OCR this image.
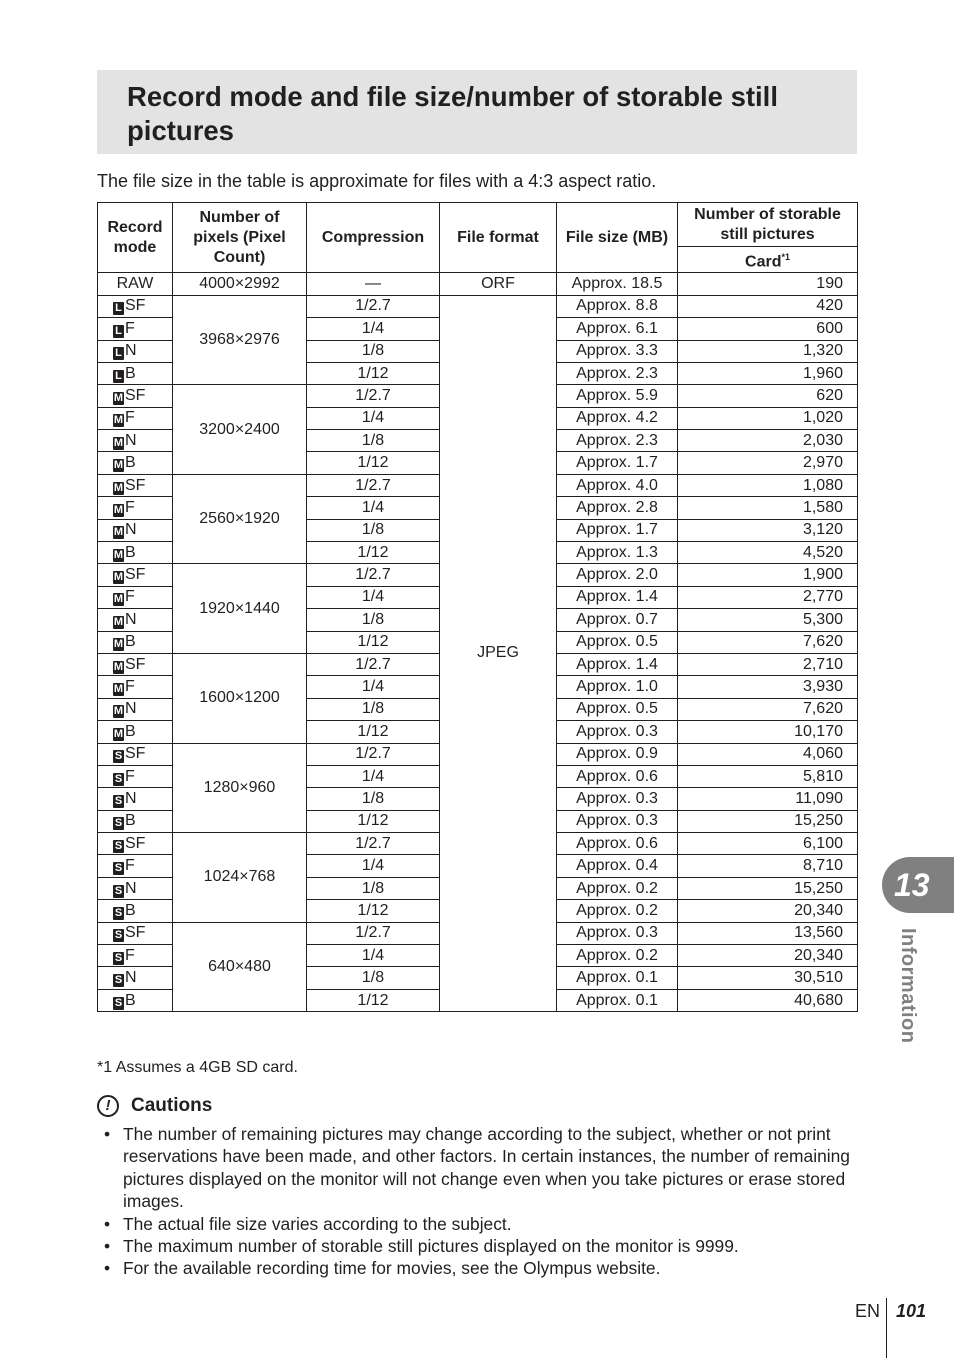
Record mode and file size/number of storable still pictures
The file size in the table is approximate for files with a 4:3 aspect ratio.
Record mode	Number of pixels (Pixel Count)	Compression	File format	File size (MB)	Number of storable still pictures
					Card$^{*1}$
RAW	4000×2992	—	ORF	Approx. 18.5	190
L SF	3968×2976	1/2.7	JPEG	Approx. 8.8	420
L F		1/4		Approx. 6.1	600
L N		1/8		Approx. 3.3	1,320
L B		1/12		Approx. 2.3	1,960
M SF	3200×2400	1/2.7		Approx. 5.9	620
M F		1/4		Approx. 4.2	1,020
M N		1/8		Approx. 2.3	2,030
M B		1/12		Approx. 1.7	2,970
M SF	2560×1920	1/2.7		Approx. 4.0	1,080
M F		1/4		Approx. 2.8	1,580
M N		1/8		Approx. 1.7	3,120
M B		1/12		Approx. 1.3	4,520
M SF	1920×1440	1/2.7		Approx. 2.0	1,900
M F		1/4		Approx. 1.4	2,770
M N		1/8		Approx. 0.7	5,300
M B		1/12		Approx. 0.5	7,620
M SF	1600×1200	1/2.7		Approx. 1.4	2,710
M F		1/4		Approx. 1.0	3,930
M N		1/8		Approx. 0.5	7,620
M B		1/12		Approx. 0.3	10,170
S SF	1280×960	1/2.7		Approx. 0.9	4,060
S F		1/4		Approx. 0.6	5,810
S N		1/8		Approx. 0.3	11,090
S B		1/12		Approx. 0.3	15,250
S SF	1024×768	1/2.7		Approx. 0.6	6,100
S F		1/4		Approx. 0.4	8,710
S N		1/8		Approx. 0.2	15,250
S B		1/12		Approx. 0.2	20,340
S SF	640×480	1/2.7		Approx. 0.3	13,560
S F		1/4		Approx. 0.2	20,340
S N		1/8		Approx. 0.1	30,510
S B		1/12		Approx. 0.1	40,680
*1 Assumes a 4GB SD card.
!	Cautions
• The number of remaining pictures may change according to the subject, whether or not print reservations have been made, and other factors. In certain instances, the number of remaining pictures displayed on the monitor will not change even when you take pictures or erase stored images.
• The actual file size varies according to the subject.
• The maximum number of storable still pictures displayed on the monitor is 9999.
• For the available recording time for movies, see the Olympus website.
13
Information
EN 101
